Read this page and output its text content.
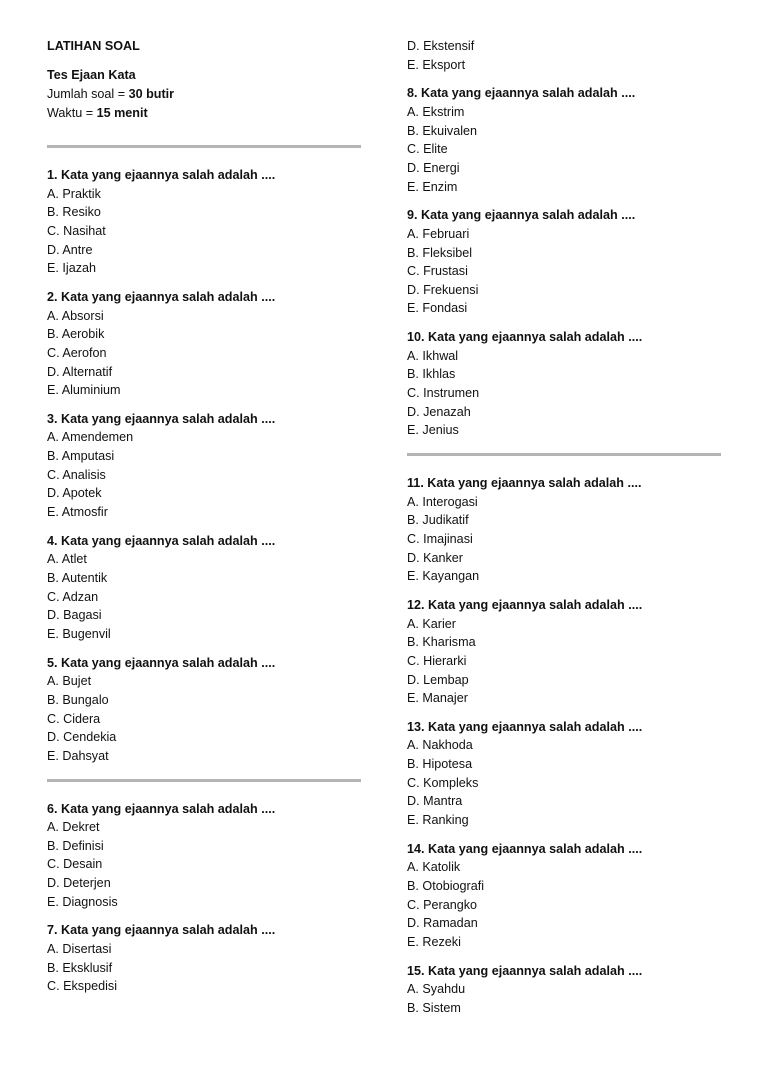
LATIHAN SOAL
Tes Ejaan Kata
Jumlah soal = 30 butir
Waktu = 15 menit
1. Kata yang ejaannya salah adalah ....
A. Praktik
B. Resiko
C. Nasihat
D. Antre
E. Ijazah
2. Kata yang ejaannya salah adalah ....
A. Absorsi
B. Aerobik
C. Aerofon
D. Alternatif
E. Aluminium
3. Kata yang ejaannya salah adalah ....
A. Amendemen
B. Amputasi
C. Analisis
D. Apotek
E. Atmosfir
4. Kata yang ejaannya salah adalah ....
A. Atlet
B. Autentik
C. Adzan
D. Bagasi
E. Bugenvil
5. Kata yang ejaannya salah adalah ....
A. Bujet
B. Bungalo
C. Cidera
D. Cendekia
E. Dahsyat
6. Kata yang ejaannya salah adalah ....
A. Dekret
B. Definisi
C. Desain
D. Deterjen
E. Diagnosis
7. Kata yang ejaannya salah adalah ....
A. Disertasi
B. Eksklusif
C. Ekspedisi
D. Ekstensif
E. Eksport
8. Kata yang ejaannya salah adalah ....
A. Ekstrim
B. Ekuivalen
C. Elite
D. Energi
E. Enzim
9. Kata yang ejaannya salah adalah ....
A. Februari
B. Fleksibel
C. Frustasi
D. Frekuensi
E. Fondasi
10. Kata yang ejaannya salah adalah ....
A. Ikhwal
B. Ikhlas
C. Instrumen
D. Jenazah
E. Jenius
11. Kata yang ejaannya salah adalah ....
A. Interogasi
B. Judikatif
C. Imajinasi
D. Kanker
E. Kayangan
12. Kata yang ejaannya salah adalah ....
A. Karier
B. Kharisma
C. Hierarki
D. Lembap
E. Manajer
13. Kata yang ejaannya salah adalah ....
A. Nakhoda
B. Hipotesa
C. Kompleks
D. Mantra
E. Ranking
14. Kata yang ejaannya salah adalah ....
A. Katolik
B. Otobiografi
C. Perangko
D. Ramadan
E. Rezeki
15. Kata yang ejaannya salah adalah ....
A. Syahdu
B. Sistem
